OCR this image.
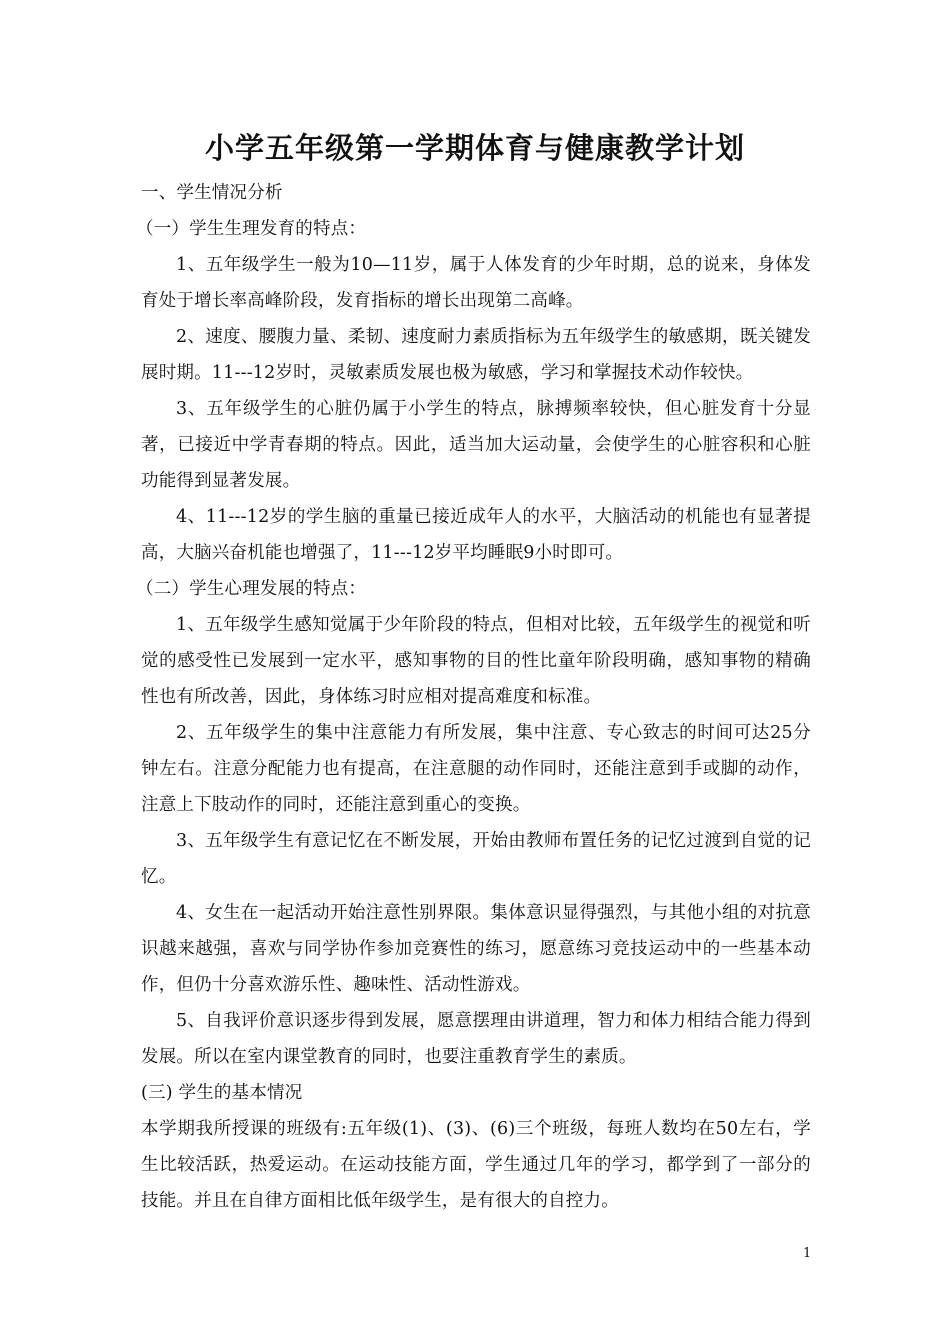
小学五年级第一学期体育与健康教学计划

一、学生情况分析

（一）学生生理发育的特点：

1、五年级学生一般为10—11岁，属于人体发育的少年时期，总的说来，身体发育处于增长率高峰阶段，发育指标的增长出现第二高峰。

2、速度、腰腹力量、柔韧、速度耐力素质指标为五年级学生的敏感期，既关键发展时期。11---12岁时，灵敏素质发展也极为敏感，学习和掌握技术动作较快。

3、五年级学生的心脏仍属于小学生的特点，脉搏频率较快，但心脏发育十分显著，已接近中学青春期的特点。因此，适当加大运动量，会使学生的心脏容积和心脏功能得到显著发展。

4、11---12岁的学生脑的重量已接近成年人的水平，大脑活动的机能也有显著提高，大脑兴奋机能也增强了，11---12岁平均睡眠9小时即可。

（二）学生心理发展的特点：

1、五年级学生感知觉属于少年阶段的特点，但相对比较，五年级学生的视觉和听觉的感受性已发展到一定水平，感知事物的目的性比童年阶段明确，感知事物的精确性也有所改善，因此，身体练习时应相对提高难度和标准。

2、五年级学生的集中注意能力有所发展，集中注意、专心致志的时间可达25分钟左右。注意分配能力也有提高，在注意腿的动作同时，还能注意到手或脚的动作，注意上下肢动作的同时，还能注意到重心的变换。

3、五年级学生有意记忆在不断发展，开始由教师布置任务的记忆过渡到自觉的记忆。

4、女生在一起活动开始注意性别界限。集体意识显得强烈，与其他小组的对抗意识越来越强，喜欢与同学协作参加竞赛性的练习，愿意练习竞技运动中的一些基本动作，但仍十分喜欢游乐性、趣味性、活动性游戏。

5、自我评价意识逐步得到发展，愿意摆理由讲道理，智力和体力相结合能力得到发展。所以在室内课堂教育的同时，也要注重教育学生的素质。

(三) 学生的基本情况

本学期我所授课的班级有:五年级(1)、(3)、(6)三个班级，每班人数均在50左右，学生比较活跃，热爱运动。在运动技能方面，学生通过几年的学习，都学到了一部分的技能。并且在自律方面相比低年级学生，是有很大的自控力。

1
